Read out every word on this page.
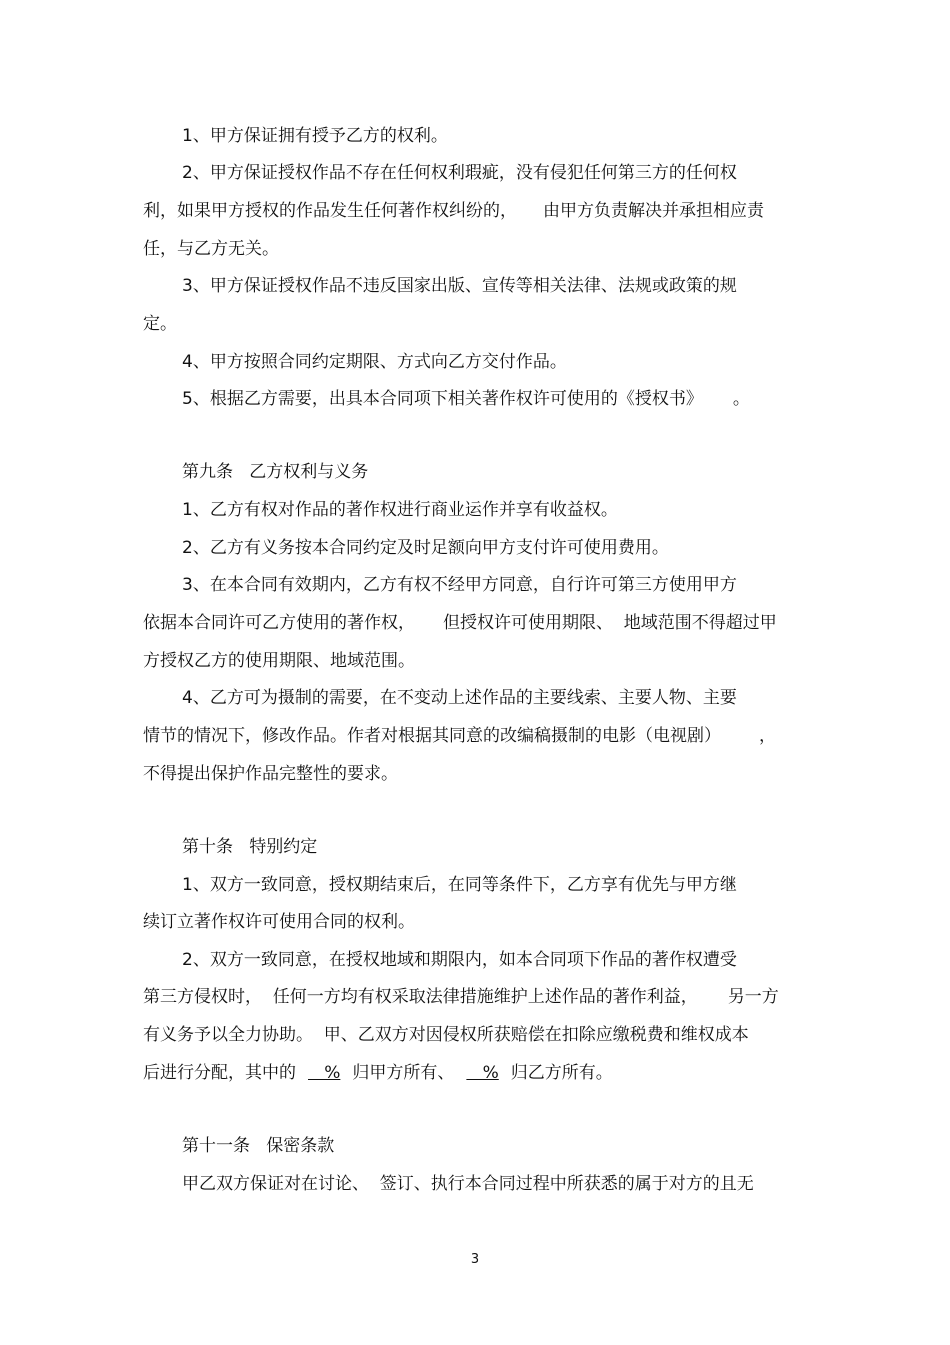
1、甲方保证拥有授予乙方的权利。
2、甲方保证授权作品不存在任何权利瑕疵，没有侵犯任何第三方的任何权
利，如果甲方授权的作品发生任何著作权纠纷的， 由甲方负责解决并承担相应责
任，与乙方无关。
3、甲方保证授权作品不违反国家出版、宣传等相关法律、法规或政策的规
定。
4、甲方按照合同约定期限、方式向乙方交付作品。
5、根据乙方需要，出具本合同项下相关著作权许可使用的《授权书》 。
第九条   乙方权利与义务
1、乙方有权对作品的著作权进行商业运作并享有收益权。
2、乙方有义务按本合同约定及时足额向甲方支付许可使用费用。
3、在本合同有效期内，乙方有权不经甲方同意，自行许可第三方使用甲方
依据本合同许可乙方使用的著作权， 但授权许可使用期限、  地域范围不得超过甲
方授权乙方的使用期限、地域范围。
4、乙方可为摄制的需要，在不变动上述作品的主要线索、主要人物、主要
情节的情况下，修改作品。作者对根据其同意的改编稿摄制的电影（电视剧） ，
不得提出保护作品完整性的要求。
第十条   特别约定
1、双方一致同意，授权期结束后，在同等条件下，乙方享有优先与甲方继
续订立著作权许可使用合同的权利。
2、双方一致同意，在授权地域和期限内，如本合同项下作品的著作权遭受
第三方侵权时，  任何一方均有权采取法律措施维护上述作品的著作利益， 另一方
有义务予以全力协助。  甲、乙双方对因侵权所获赔偿在扣除应缴税费和维权成本
后进行分配，其中的   % 归甲方所有、   % 归乙方所有。
第十一条   保密条款
甲乙双方保证对在讨论、  签订、执行本合同过程中所获悉的属于对方的且无
3
